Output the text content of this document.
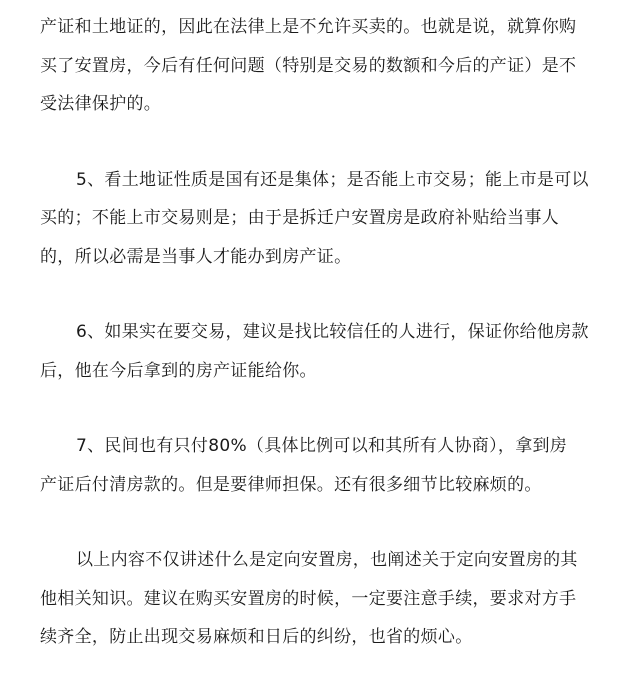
产证和土地证的，因此在法律上是不允许买卖的。也就是说，就算你购
买了安置房，今后有任何问题（特别是交易的数额和今后的产证）是不
受法律保护的。
5、看土地证性质是国有还是集体；是否能上市交易；能上市是可以
买的；不能上市交易则是；由于是拆迁户安置房是政府补贴给当事人
的，所以必需是当事人才能办到房产证。
6、如果实在要交易，建议是找比较信任的人进行，保证你给他房款
后，他在今后拿到的房产证能给你。
7、民间也有只付80%（具体比例可以和其所有人协商），拿到房
产证后付清房款的。但是要律师担保。还有很多细节比较麻烦的。
以上内容不仅讲述什么是定向安置房，也阐述关于定向安置房的其
他相关知识。建议在购买安置房的时候，一定要注意手续，要求对方手
续齐全，防止出现交易麻烦和日后的纠纷，也省的烦心。
